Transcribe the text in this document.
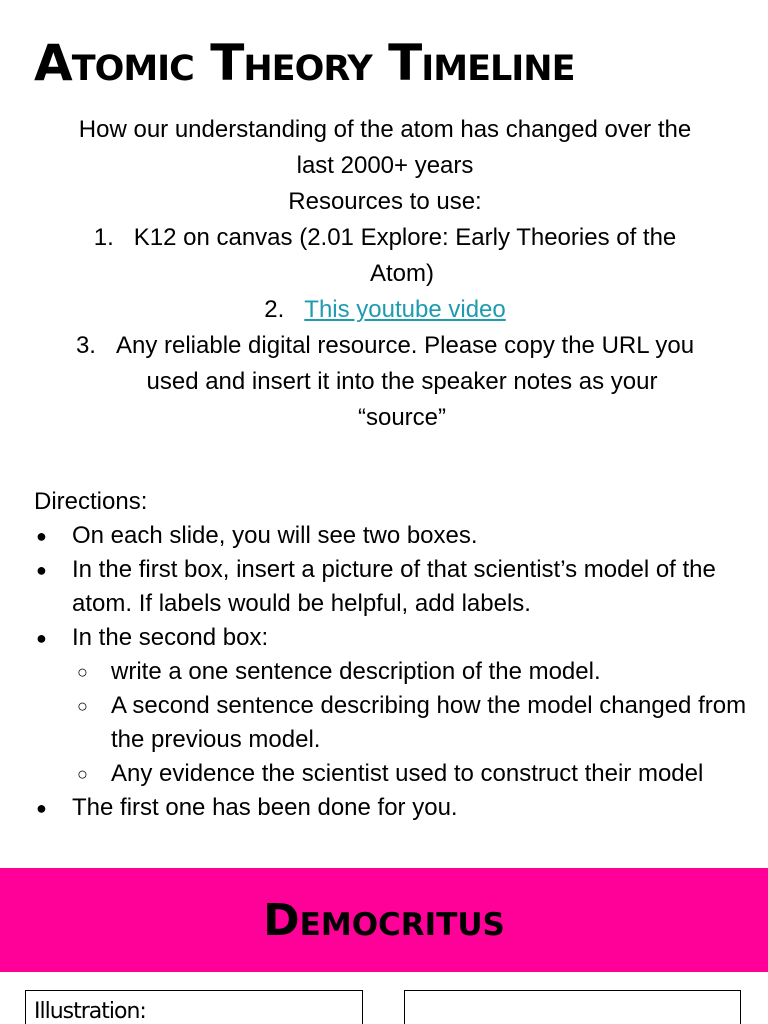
Atomic Theory Timeline
How our understanding of the atom has changed over the
last 2000+ years
Resources to use:
1. K12 on canvas (2.01 Explore: Early Theories of the
Atom)
2. This youtube video
3. Any reliable digital resource. Please copy the URL you
used and insert it into the speaker notes as your
“source”
Directions:
● On each slide, you will see two boxes.
● In the first box, insert a picture of that scientist’s model of the atom. If labels would be helpful, add labels.
● In the second box:
○ write a one sentence description of the model.
○ A second sentence describing how the model changed from the previous model.
○ Any evidence the scientist used to construct their model
● The first one has been done for you.
Democritus
Illustration:
